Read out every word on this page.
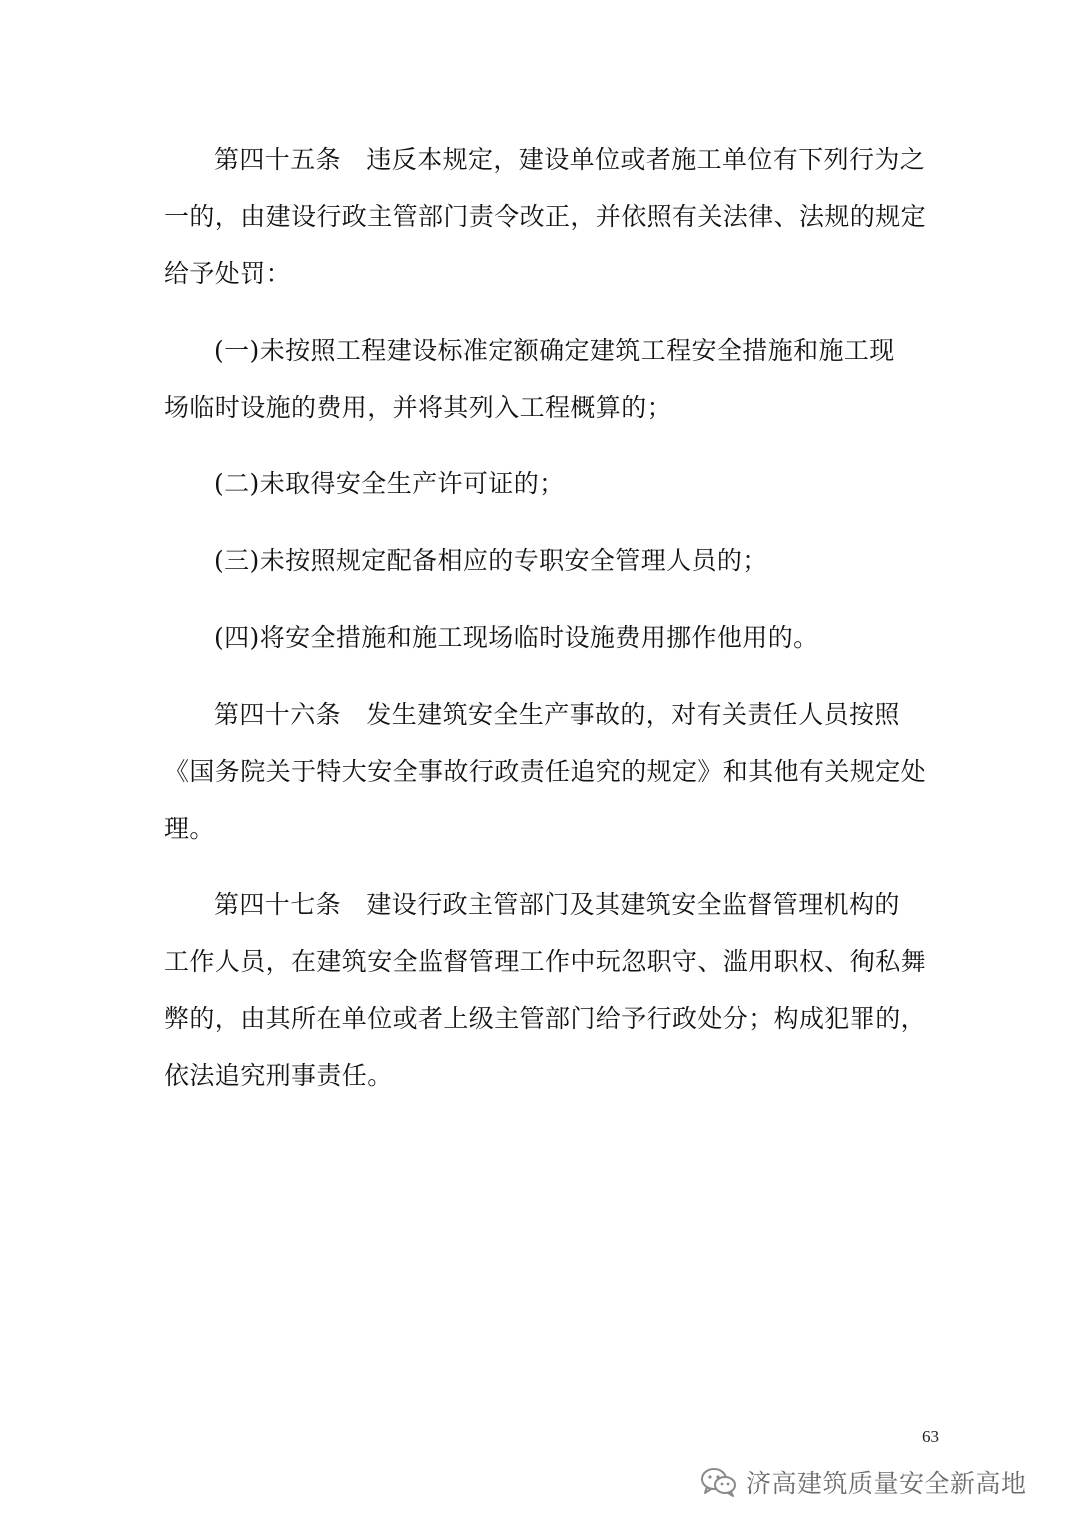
第四十五条　违反本规定，建设单位或者施工单位有下列行为之
一的，由建设行政主管部门责令改正，并依照有关法律、法规的规定
给予处罚：
(一)未按照工程建设标准定额确定建筑工程安全措施和施工现
场临时设施的费用，并将其列入工程概算的；
(二)未取得安全生产许可证的；
(三)未按照规定配备相应的专职安全管理人员的；
(四)将安全措施和施工现场临时设施费用挪作他用的。
第四十六条　发生建筑安全生产事故的，对有关责任人员按照
《国务院关于特大安全事故行政责任追究的规定》和其他有关规定处
理。
第四十七条　建设行政主管部门及其建筑安全监督管理机构的
工作人员，在建筑安全监督管理工作中玩忽职守、滥用职权、徇私舞
弊的，由其所在单位或者上级主管部门给予行政处分；构成犯罪的，
依法追究刑事责任。
63
济高建筑质量安全新高地
